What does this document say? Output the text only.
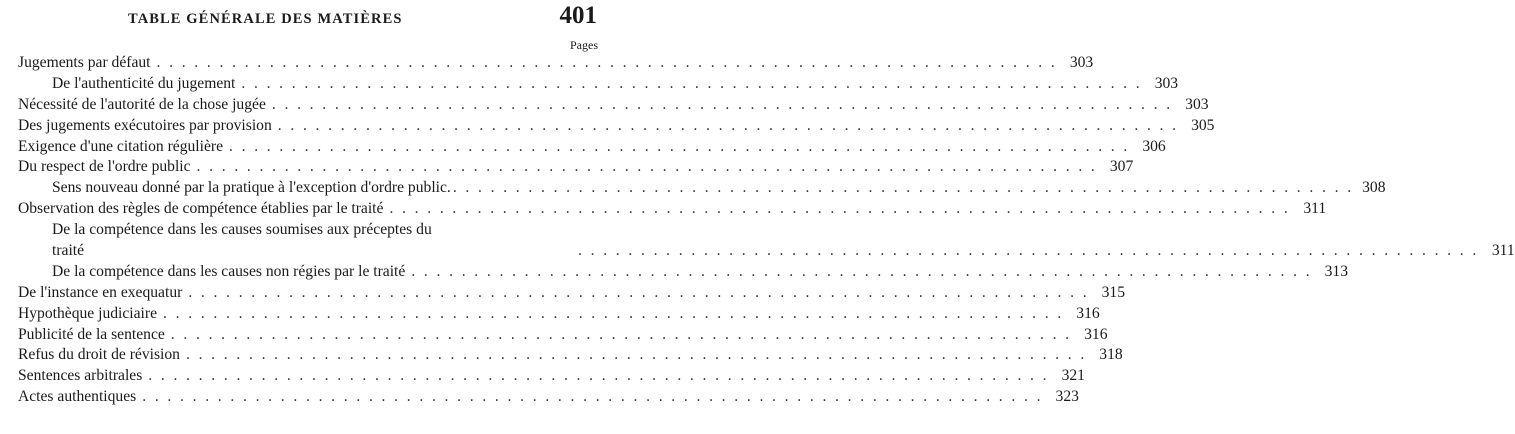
TABLE GÉNÉRALE DES MATIÈRES	401
Pages
Jugements par défaut . . .	303
De l'authenticité du jugement . . .	303
Nécessité de l'autorité de la chose jugée . . .	303
Des jugements exécutoires par provision . . .	305
Exigence d'une citation régulière . . .	306
Du respect de l'ordre public . . .	307
Sens nouveau donné par la pratique à l'exception d'ordre public. . . .	308
Observation des règles de compétence établies par le traité . . .	311
De la compétence dans les causes soumises aux préceptes du
traité . . .	311
De la compétence dans les causes non régies par le traité . . .	313
De l'instance en exequatur . . .	315
Hypothèque judiciaire . . .	316
Publicité de la sentence . . .	316
Refus du droit de révision . . .	318
Sentences arbitrales . . .	321
Actes authentiques . . .	323
